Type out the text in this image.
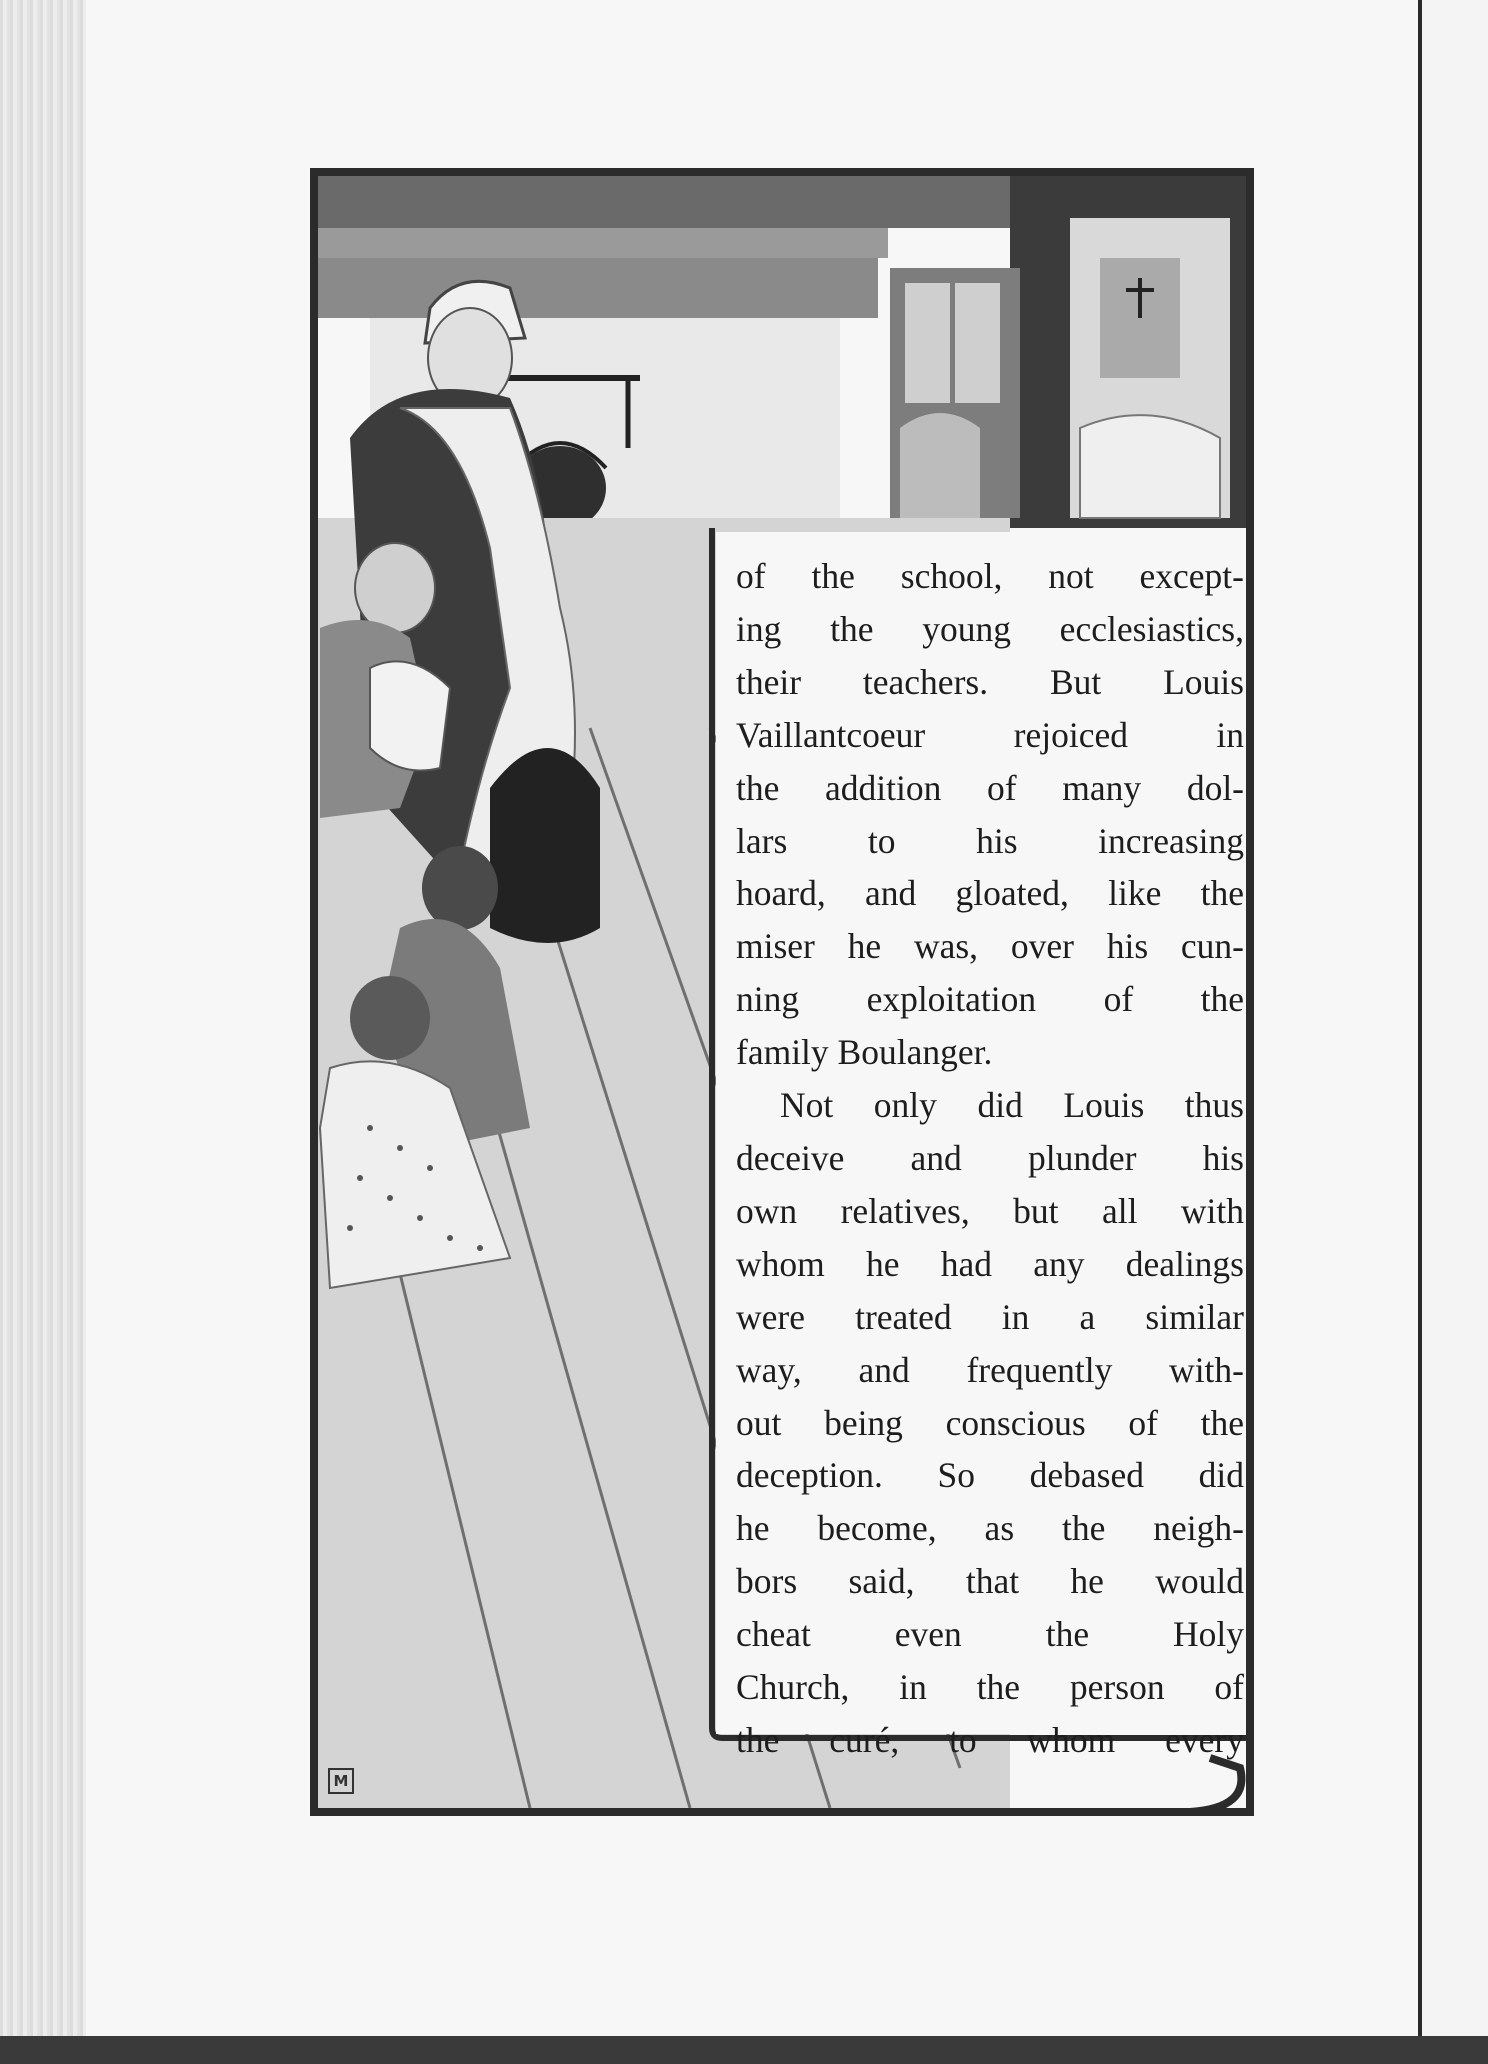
of the school, not except-
ing the young ecclesiastics,
their teachers. But Louis
Vaillantcoeur rejoiced in
the addition of many dol-
lars to his increasing
hoard, and gloated, like the
miser he was, over his cun-
ning exploitation of the
family Boulanger.

Not only did Louis thus
deceive and plunder his
own relatives, but all with
whom he had any dealings
were treated in a similar
way, and frequently with-
out being conscious of the
deception. So debased did
he become, as the neigh-
bors said, that he would
cheat even the Holy
Church, in the person of
the curé, to whom every

M
